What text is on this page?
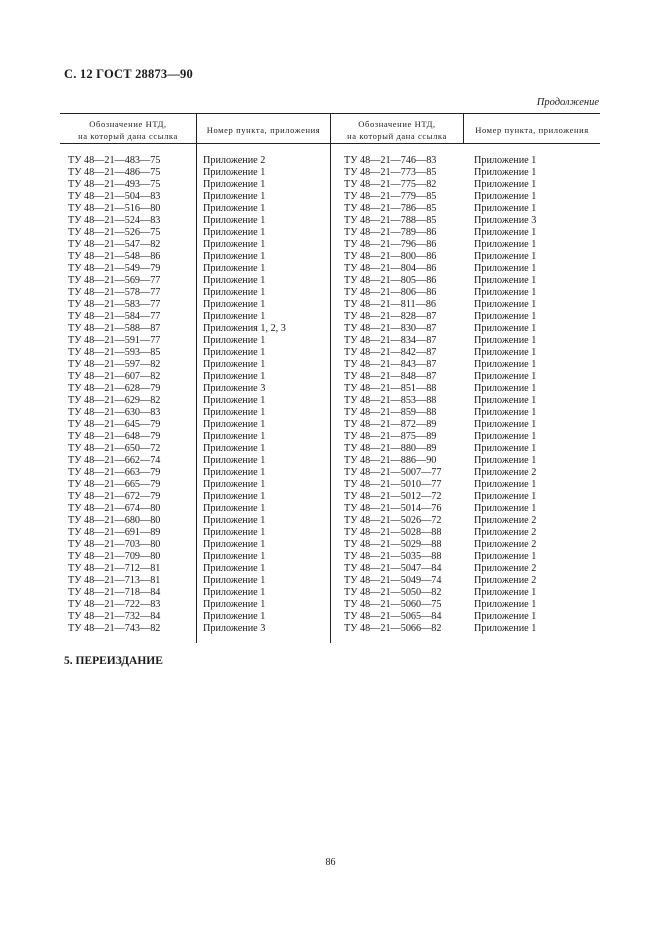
С. 12 ГОСТ 28873—90
Продолжение
Обозначение НТД,
на который дана ссылка
Номер пункта, приложения
Обозначение НТД,
на который дана ссылка
Номер пункта, приложения
ТУ 48—21—483—75
ТУ 48—21—486—75
ТУ 48—21—493—75
ТУ 48—21—504—83
ТУ 48—21—516—80
ТУ 48—21—524—83
ТУ 48—21—526—75
ТУ 48—21—547—82
ТУ 48—21—548—86
ТУ 48—21—549—79
ТУ 48—21—569—77
ТУ 48—21—578—77
ТУ 48—21—583—77
ТУ 48—21—584—77
ТУ 48—21—588—87
ТУ 48—21—591—77
ТУ 48—21—593—85
ТУ 48—21—597—82
ТУ 48—21—607—82
ТУ 48—21—628—79
ТУ 48—21—629—82
ТУ 48—21—630—83
ТУ 48—21—645—79
ТУ 48—21—648—79
ТУ 48—21—650—72
ТУ 48—21—662—74
ТУ 48—21—663—79
ТУ 48—21—665—79
ТУ 48—21—672—79
ТУ 48—21—674—80
ТУ 48—21—680—80
ТУ 48—21—691—89
ТУ 48—21—703—80
ТУ 48—21—709—80
ТУ 48—21—712—81
ТУ 48—21—713—81
ТУ 48—21—718—84
ТУ 48—21—722—83
ТУ 48—21—732—84
ТУ 48—21—743—82
Приложение 2
Приложение 1
Приложение 1
Приложение 1
Приложение 1
Приложение 1
Приложение 1
Приложение 1
Приложение 1
Приложение 1
Приложение 1
Приложение 1
Приложение 1
Приложение 1
Приложения 1, 2, 3
Приложение 1
Приложение 1
Приложение 1
Приложение 1
Приложение 3
Приложение 1
Приложение 1
Приложение 1
Приложение 1
Приложение 1
Приложение 1
Приложение 1
Приложение 1
Приложение 1
Приложение 1
Приложение 1
Приложение 1
Приложение 1
Приложение 1
Приложение 1
Приложение 1
Приложение 1
Приложение 1
Приложение 1
Приложение 3
ТУ 48—21—746—83
ТУ 48—21—773—85
ТУ 48—21—775—82
ТУ 48—21—779—85
ТУ 48—21—786—85
ТУ 48—21—788—85
ТУ 48—21—789—86
ТУ 48—21—796—86
ТУ 48—21—800—86
ТУ 48—21—804—86
ТУ 48—21—805—86
ТУ 48—21—806—86
ТУ 48—21—811—86
ТУ 48—21—828—87
ТУ 48—21—830—87
ТУ 48—21—834—87
ТУ 48—21—842—87
ТУ 48—21—843—87
ТУ 48—21—848—87
ТУ 48—21—851—88
ТУ 48—21—853—88
ТУ 48—21—859—88
ТУ 48—21—872—89
ТУ 48—21—875—89
ТУ 48—21—880—89
ТУ 48—21—886—90
ТУ 48—21—5007—77
ТУ 48—21—5010—77
ТУ 48—21—5012—72
ТУ 48—21—5014—76
ТУ 48—21—5026—72
ТУ 48—21—5028—88
ТУ 48—21—5029—88
ТУ 48—21—5035—88
ТУ 48—21—5047—84
ТУ 48—21—5049—74
ТУ 48—21—5050—82
ТУ 48—21—5060—75
ТУ 48—21—5065—84
ТУ 48—21—5066—82
Приложение 1
Приложение 1
Приложение 1
Приложение 1
Приложение 1
Приложение 3
Приложение 1
Приложение 1
Приложение 1
Приложение 1
Приложение 1
Приложение 1
Приложение 1
Приложение 1
Приложение 1
Приложение 1
Приложение 1
Приложение 1
Приложение 1
Приложение 1
Приложение 1
Приложение 1
Приложение 1
Приложение 1
Приложение 1
Приложение 1
Приложение 2
Приложение 1
Приложение 1
Приложение 1
Приложение 2
Приложение 2
Приложение 2
Приложение 1
Приложение 2
Приложение 2
Приложение 1
Приложение 1
Приложение 1
Приложение 1
5. ПЕРЕИЗДАНИЕ
86
